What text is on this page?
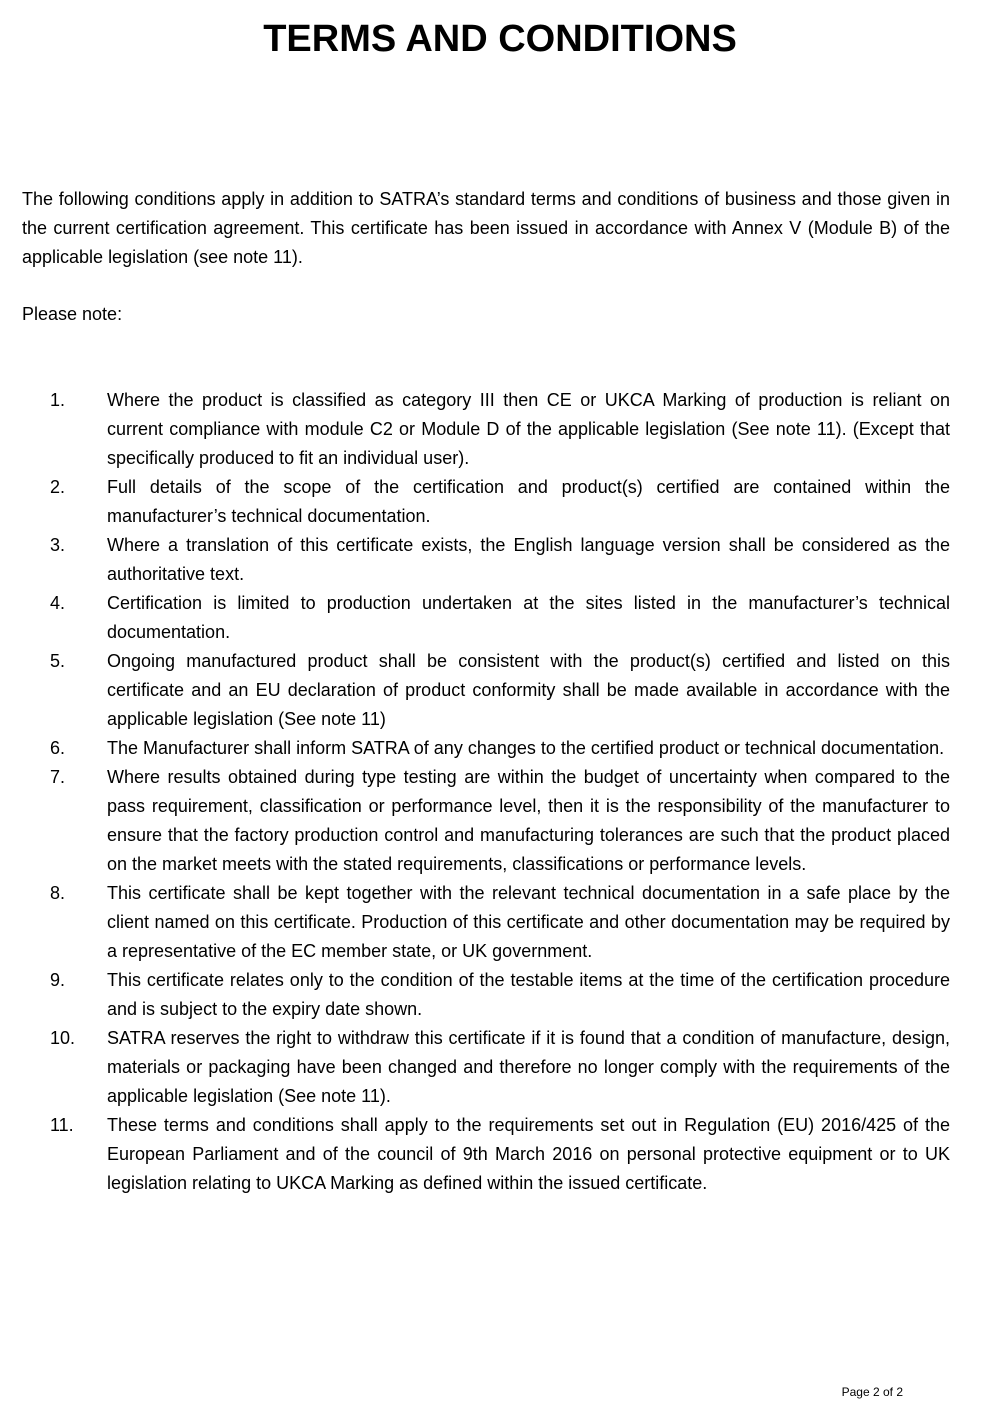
TERMS AND CONDITIONS

The following conditions apply in addition to SATRA’s standard terms and conditions of business and those given in the current certification agreement. This certificate has been issued in accordance with Annex V (Module B) of the applicable legislation (see note 11).

Please note:

1.	Where the product is classified as category III then CE or UKCA Marking of production is reliant on current compliance with module C2 or Module D of the applicable legislation (See note 11). (Except that specifically produced to fit an individual user).
2.	Full details of the scope of the certification and product(s) certified are contained within the manufacturer’s technical documentation.
3.	Where a translation of this certificate exists, the English language version shall be considered as the authoritative text.
4.	Certification is limited to production undertaken at the sites listed in the manufacturer’s technical documentation.
5.	Ongoing manufactured product shall be consistent with the product(s) certified and listed on this certificate and an EU declaration of product conformity shall be made available in accordance with the applicable legislation (See note 11)
6.	The Manufacturer shall inform SATRA of any changes to the certified product or technical documentation.
7.	Where results obtained during type testing are within the budget of uncertainty when compared to the pass requirement, classification or performance level, then it is the responsibility of the manufacturer to ensure that the factory production control and manufacturing tolerances are such that the product placed on the market meets with the stated requirements, classifications or performance levels.
8.	This certificate shall be kept together with the relevant technical documentation in a safe place by the client named on this certificate. Production of this certificate and other documentation may be required by a representative of the EC member state, or UK government.
9.	This certificate relates only to the condition of the testable items at the time of the certification procedure and is subject to the expiry date shown.
10.	SATRA reserves the right to withdraw this certificate if it is found that a condition of manufacture, design, materials or packaging have been changed and therefore no longer comply with the requirements of the applicable legislation (See note 11).
11.	These terms and conditions shall apply to the requirements set out in Regulation (EU) 2016/425 of the European Parliament and of the council of 9th March 2016 on personal protective equipment or to UK legislation relating to UKCA Marking as defined within the issued certificate.
Page 2 of 2
